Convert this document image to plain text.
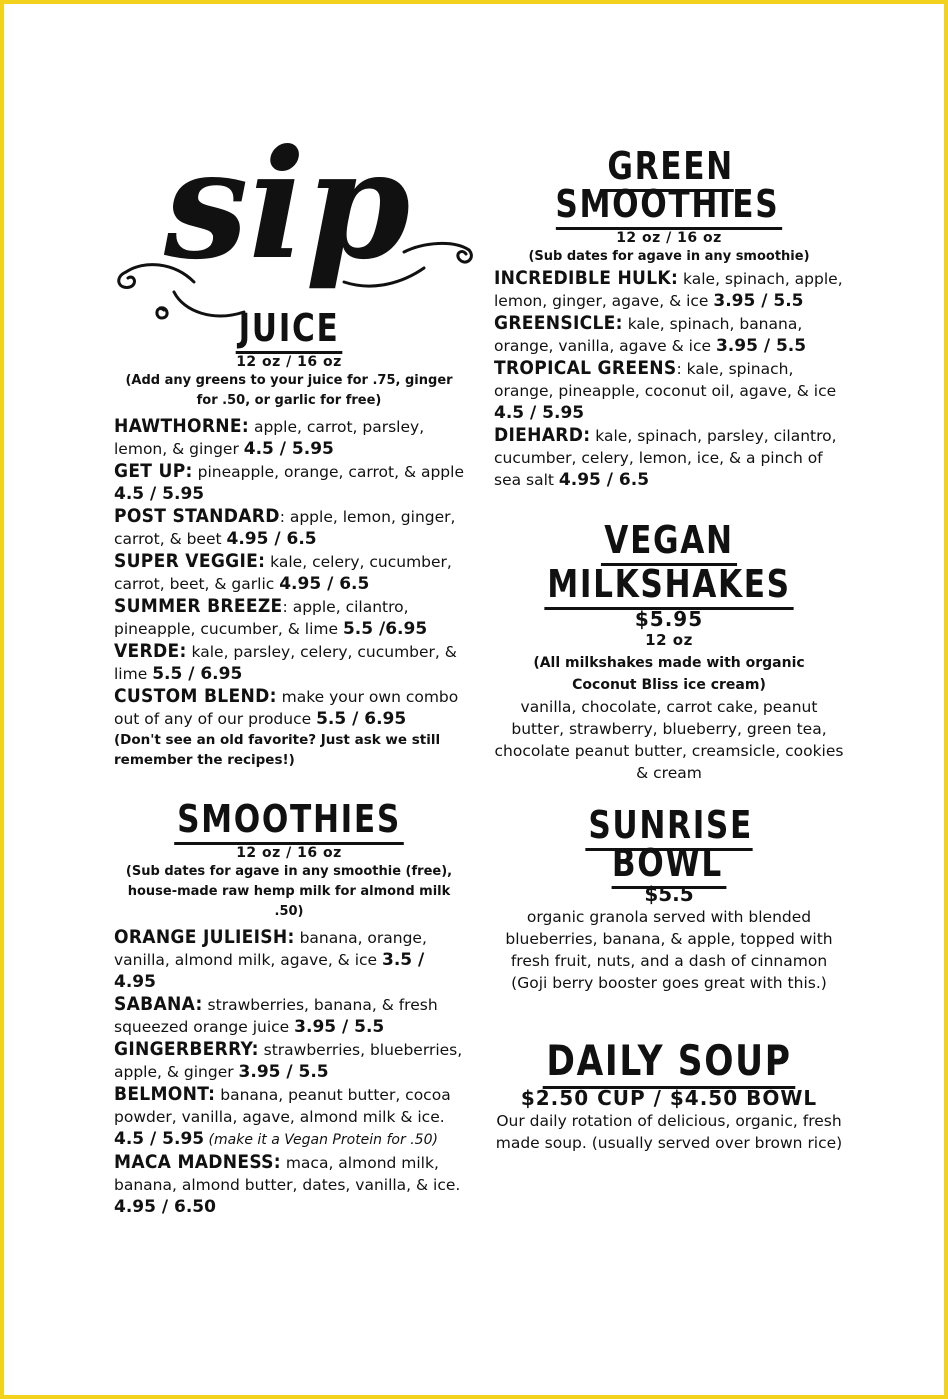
sip
JUICE
12 oz / 16 oz
(Add any greens to your juice for .75, ginger for .50, or garlic for free)

HAWTHORNE: apple, carrot, parsley, lemon, & ginger 4.5 / 5.95

GET UP: pineapple, orange, carrot, & apple 4.5 / 5.95

POST STANDARD: apple, lemon, ginger, carrot, & beet 4.95 / 6.5

SUPER VEGGIE: kale, celery, cucumber, carrot, beet, & garlic 4.95 / 6.5

SUMMER BREEZE: apple, cilantro, pineapple, cucumber, & lime 5.5 /6.95

VERDE: kale, parsley, celery, cucumber, & lime 5.5 / 6.95

CUSTOM BLEND: make your own combo out of any of our produce 5.5 / 6.95

(Don't see an old favorite? Just ask we still remember the recipes!)
SMOOTHIES
12 oz / 16 oz
(Sub dates for agave in any smoothie (free), house-made raw hemp milk for almond milk .50)

ORANGE JULIEISH: banana, orange, vanilla, almond milk, agave, & ice 3.5 / 4.95

SABANA: strawberries, banana, & fresh squeezed orange juice 3.95 / 5.5

GINGERBERRY: strawberries, blueberries, apple, & ginger 3.95 / 5.5

BELMONT: banana, peanut butter, cocoa powder, vanilla, agave, almond milk & ice. 4.5 / 5.95 (make it a Vegan Protein for .50)

MACA MADNESS: maca, almond milk, banana, almond butter, dates, vanilla, & ice. 4.95 / 6.50

GREEN SMOOTHIES
12 oz / 16 oz
(Sub dates for agave in any smoothie)

INCREDIBLE HULK: kale, spinach, apple, lemon, ginger, agave, & ice 3.95 / 5.5

GREENSICLE: kale, spinach, banana, orange, vanilla, agave & ice 3.95 / 5.5

TROPICAL GREENS: kale, spinach, orange, pineapple, coconut oil, agave, & ice 4.5 / 5.95

DIEHARD: kale, spinach, parsley, cilantro, cucumber, celery, lemon, ice, & a pinch of sea salt 4.95 / 6.5

VEGAN
MILKSHAKES
$5.95
12 oz
(All milkshakes made with organic Coconut Bliss ice cream)
vanilla, chocolate, carrot cake, peanut butter, strawberry, blueberry, green tea, chocolate peanut butter, creamsicle, cookies & cream
SUNRISE BOWL $5.5
organic granola served with blended blueberries, banana, & apple, topped with fresh fruit, nuts, and a dash of cinnamon
(Goji berry booster goes great with this.)
DAILY SOUP
$2.50 CUP / $4.50 BOWL
Our daily rotation of delicious, organic, fresh made soup. (usually served over brown rice)
